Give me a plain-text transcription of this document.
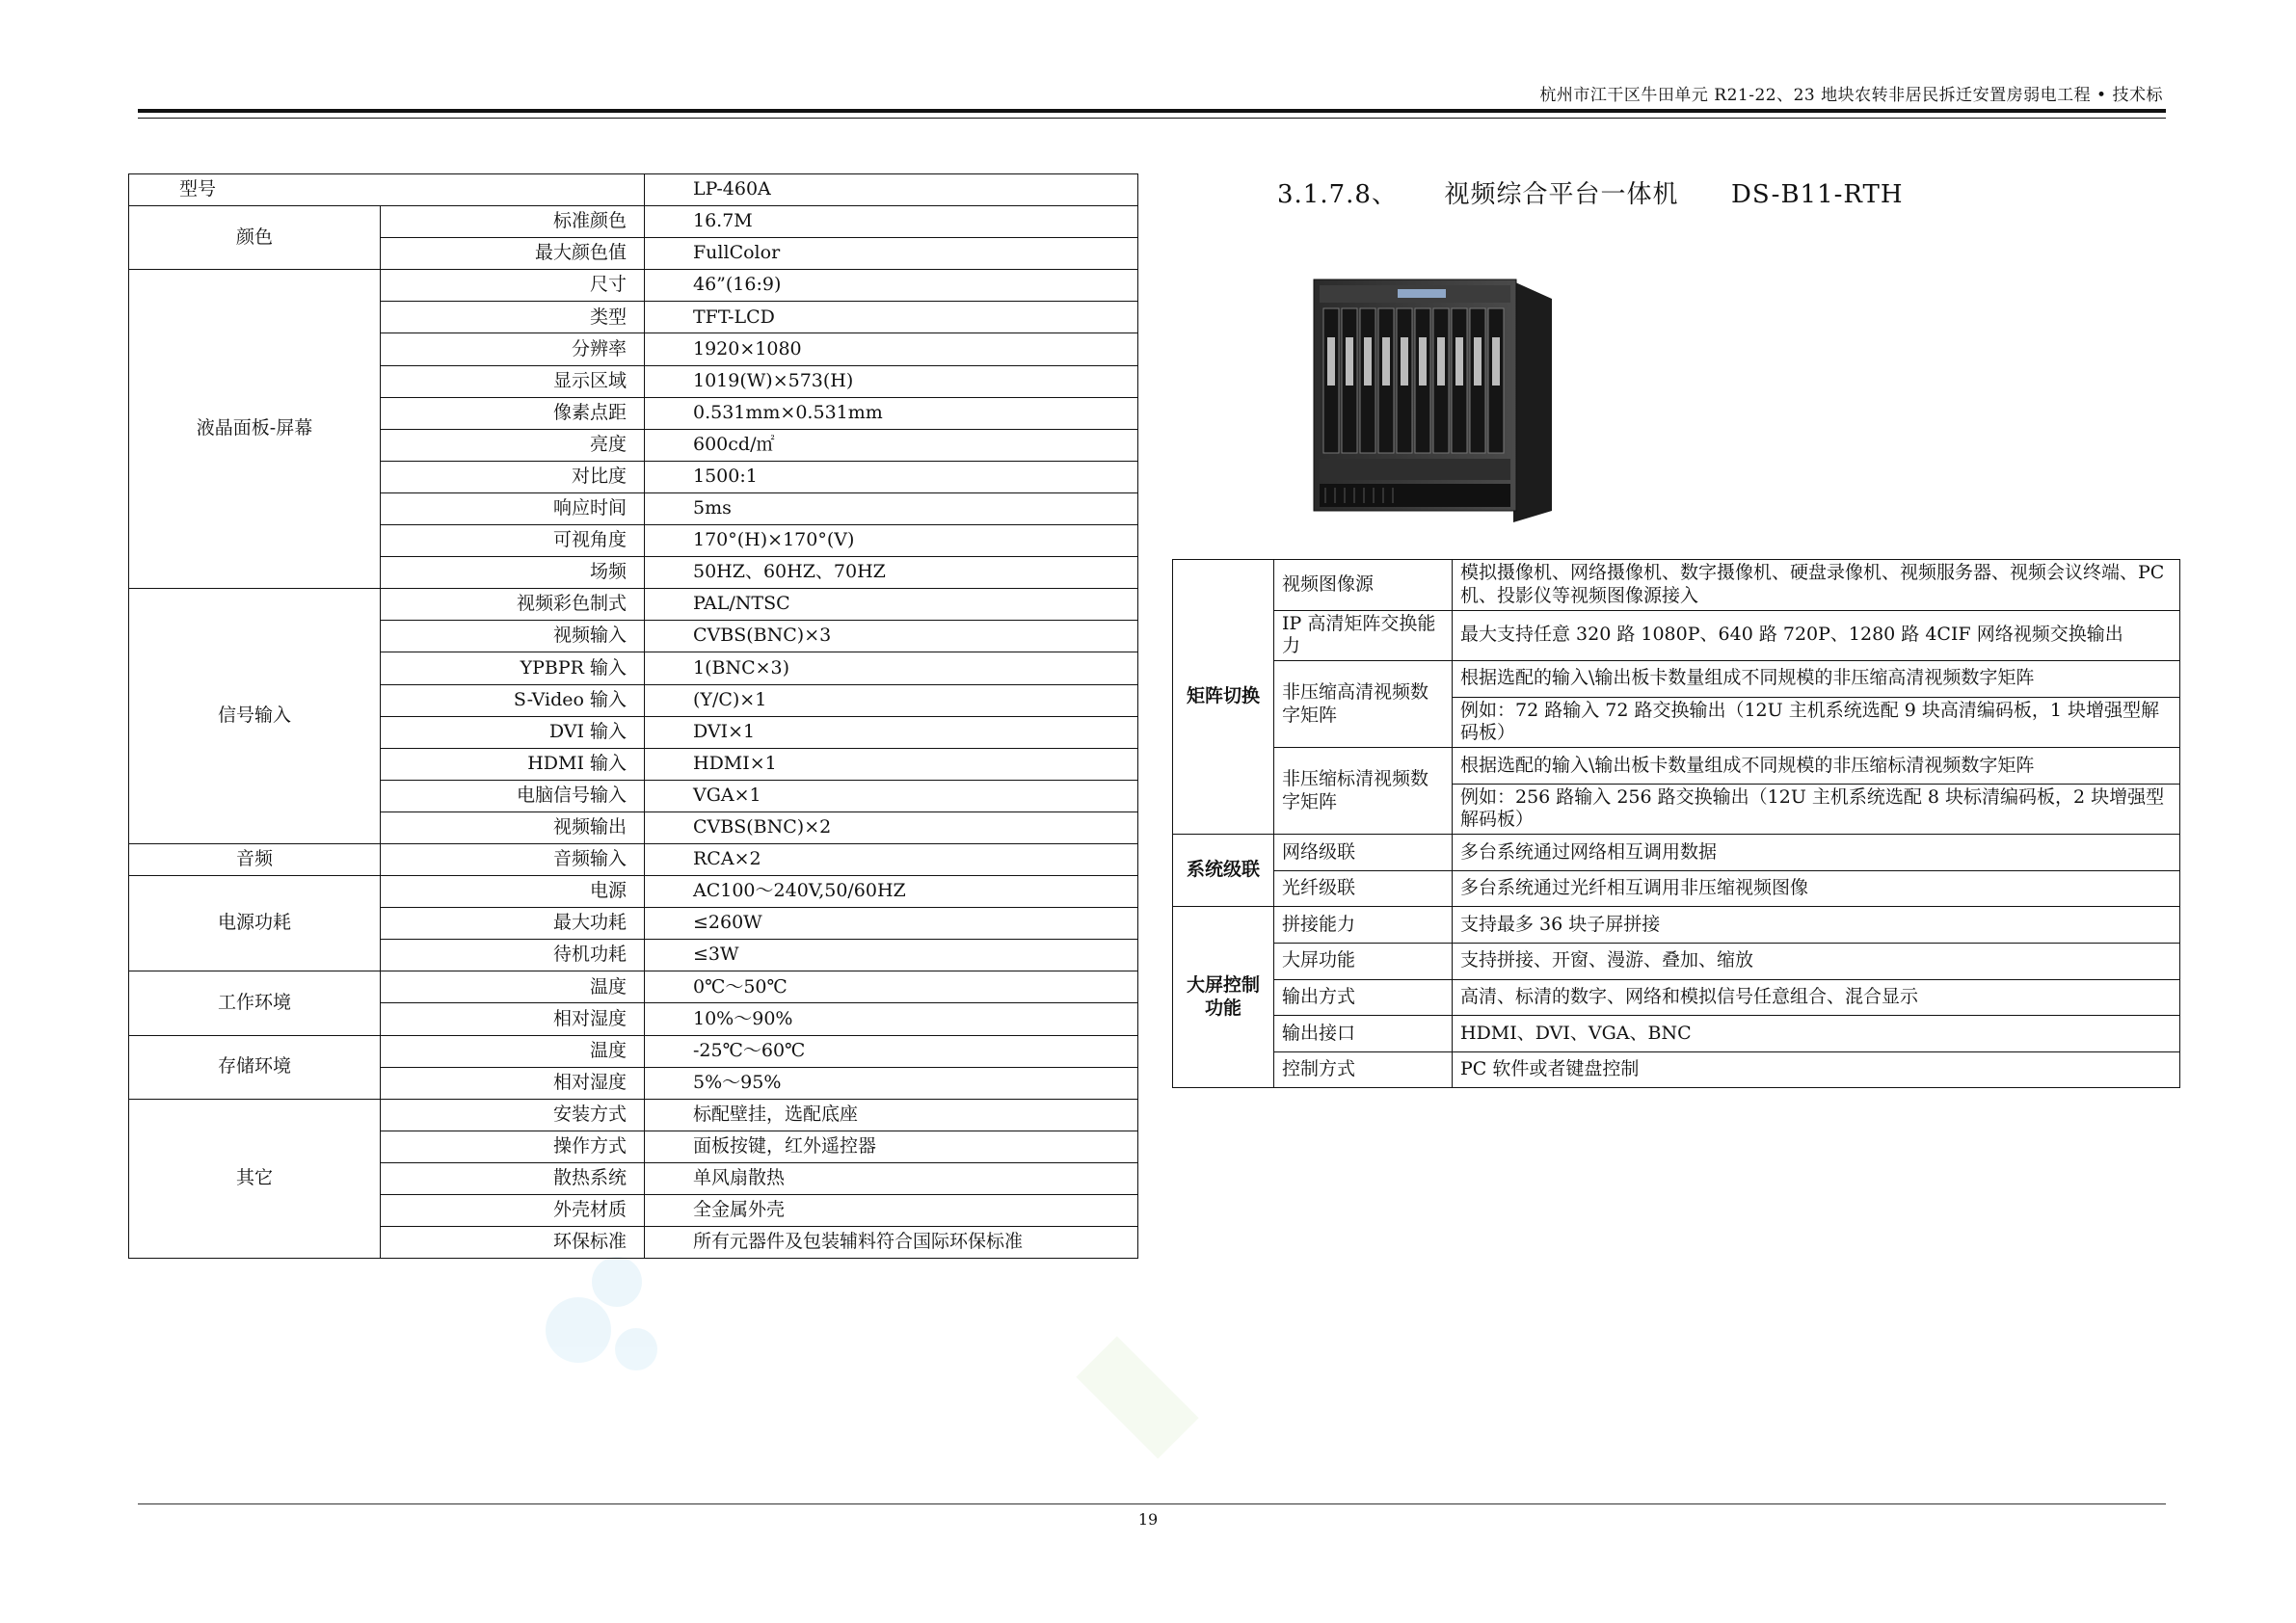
杭州市江干区牛田单元 R21-22、23 地块农转非居民拆迁安置房弱电工程 • 技术标
型号		LP-460A
颜色	标准颜色	16.7M
	最大颜色值	FullColor
液晶面板-屏幕	尺寸	46”(16:9)
	类型	TFT-LCD
	分辨率	1920×1080
	显示区域	1019(W)×573(H)
	像素点距	0.531mm×0.531mm
	亮度	600cd/㎡
	对比度	1500:1
	响应时间	5ms
	可视角度	170°(H)×170°(V)
	场频	50HZ、60HZ、70HZ
信号输入	视频彩色制式	PAL/NTSC
	视频输入	CVBS(BNC)×3
	YPBPR 输入	1(BNC×3)
	S-Video 输入	(Y/C)×1
	DVI 输入	DVI×1
	HDMI 输入	HDMI×1
	电脑信号输入	VGA×1
	视频输出	CVBS(BNC)×2
音频	音频输入	RCA×2
电源功耗	电源	AC100～240V,50/60HZ
	最大功耗	≤260W
	待机功耗	≤3W
工作环境	温度	0℃～50℃
	相对湿度	10%～90%
存储环境	温度	-25℃～60℃
	相对湿度	5%～95%
其它	安装方式	标配壁挂，选配底座
	操作方式	面板按键，红外遥控器
	散热系统	单风扇散热
	外壳材质	全金属外壳
	环保标准	所有元器件及包装辅料符合国际环保标准
3.1.7.8、 视频综合平台一体机 DS-B11-RTH
矩阵切换	视频图像源	模拟摄像机、网络摄像机、数字摄像机、硬盘录像机、视频服务器、视频会议终端、PC 机、投影仪等视频图像源接入
	IP 高清矩阵交换能力	最大支持任意 320 路 1080P、640 路 720P、1280 路 4CIF 网络视频交换输出
	非压缩高清视频数字矩阵	根据选配的输入\输出板卡数量组成不同规模的非压缩高清视频数字矩阵
		例如：72 路输入 72 路交换输出（12U 主机系统选配 9 块高清编码板，1 块增强型解码板）
	非压缩标清视频数字矩阵	根据选配的输入\输出板卡数量组成不同规模的非压缩标清视频数字矩阵
		例如：256 路输入 256 路交换输出（12U 主机系统选配 8 块标清编码板，2 块增强型解码板）
系统级联	网络级联	多台系统通过网络相互调用数据
	光纤级联	多台系统通过光纤相互调用非压缩视频图像
大屏控制功能	拼接能力	支持最多 36 块子屏拼接
	大屏功能	支持拼接、开窗、漫游、叠加、缩放
	输出方式	高清、标清的数字、网络和模拟信号任意组合、混合显示
	输出接口	HDMI、DVI、VGA、BNC
	控制方式	PC 软件或者键盘控制
19
